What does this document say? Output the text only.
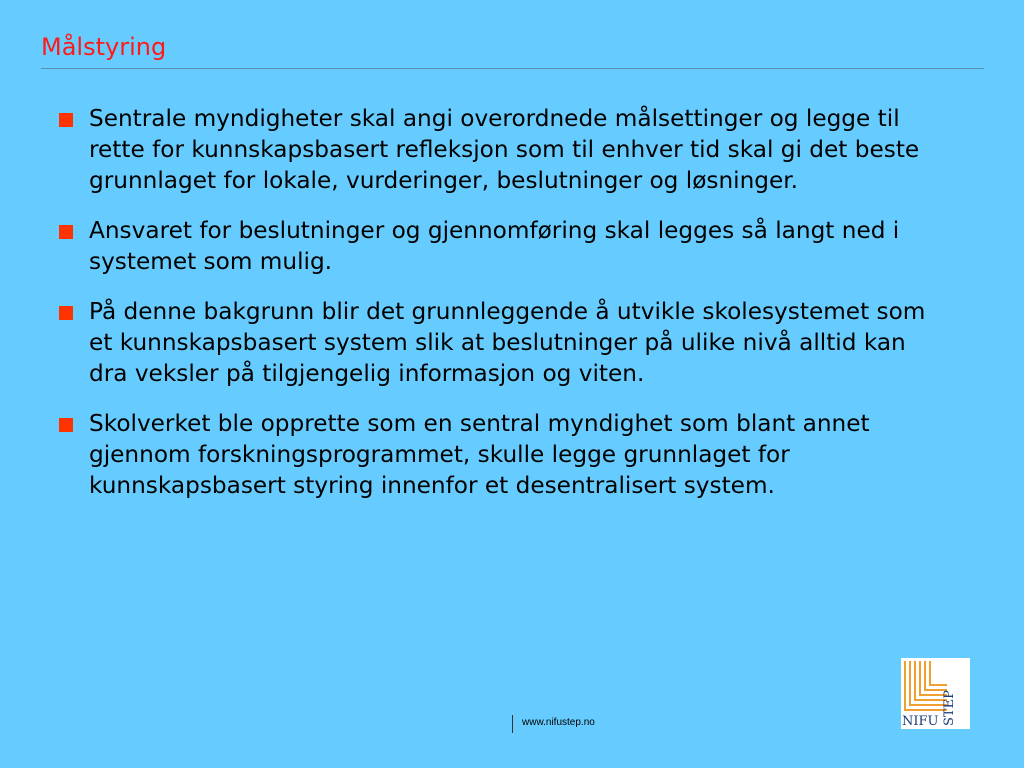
Målstyring
Sentrale myndigheter skal angi overordnede målsettinger og legge til rette for kunnskapsbasert refleksjon som til enhver tid skal gi det beste grunnlaget for lokale, vurderinger, beslutninger og løsninger.
Ansvaret for beslutninger og gjennomføring skal legges så langt ned i systemet som mulig.
På denne bakgrunn blir det grunnleggende å utvikle skolesystemet som et kunnskapsbasert system slik at beslutninger på ulike nivå alltid kan dra veksler på tilgjengelig informasjon og viten.
Skolverket ble opprette som en sentral myndighet som blant annet gjennom forskningsprogrammet, skulle legge grunnlaget for kunnskapsbasert styring innenfor et desentralisert system.
www.nifustep.no	NIFU STEP
